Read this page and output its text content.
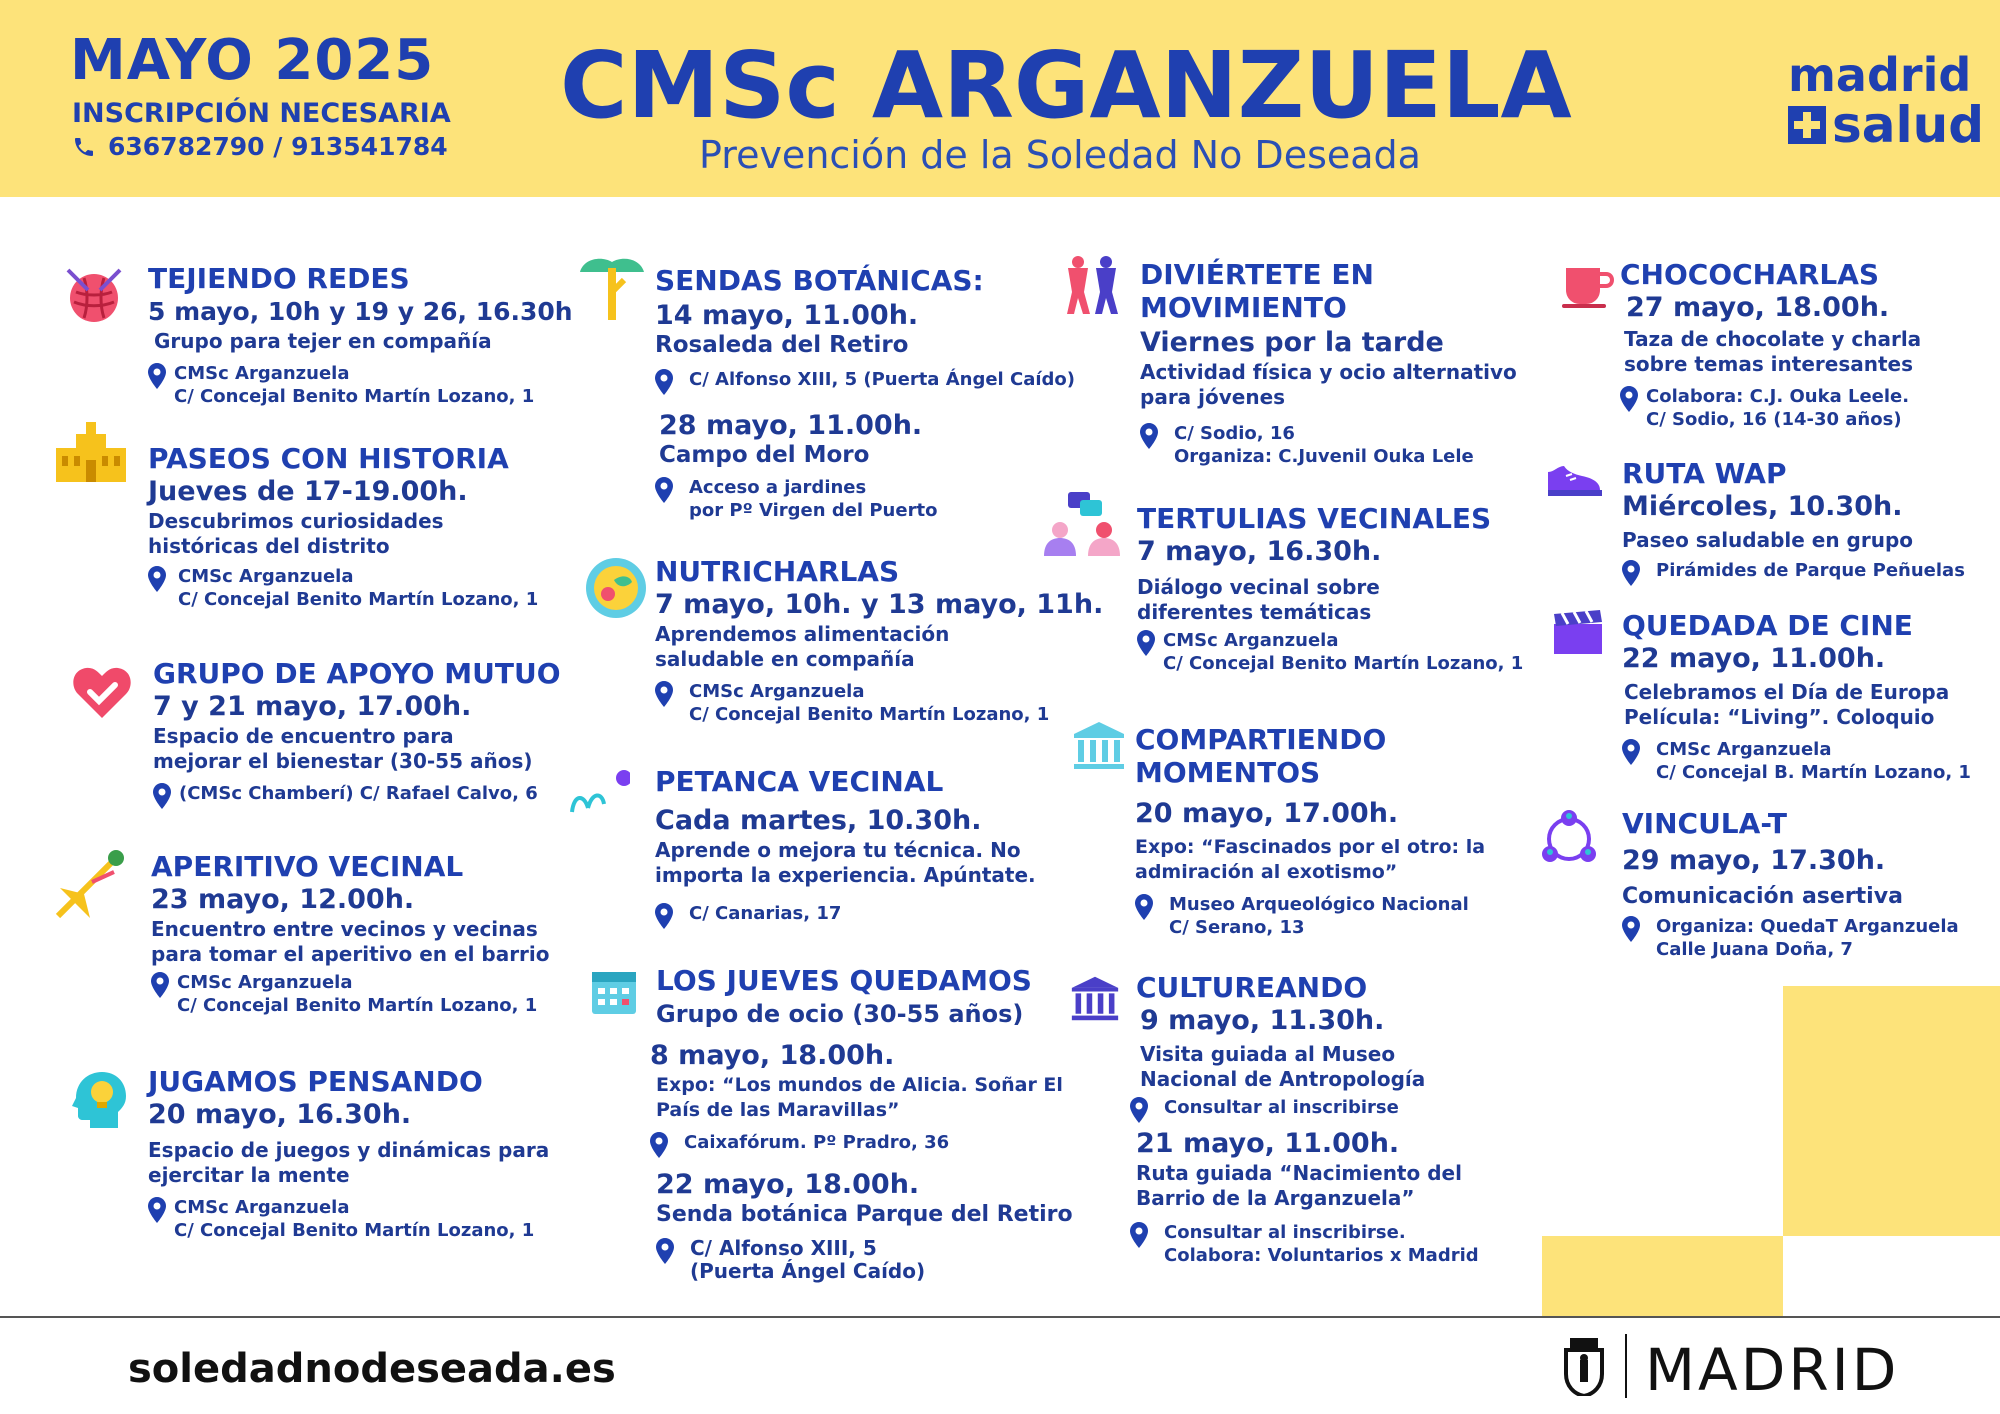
MAYO 2025
INSCRIPCIÓN NECESARIA
636782790 / 913541784
CMSc ARGANZUELA
Prevención de la Soledad No Deseada
madrid
salud
TEJIENDO REDES
5 mayo, 10h y 19 y 26, 16.30h
Grupo para tejer en compañía
CMSc Arganzuela
C/ Concejal Benito Martín Lozano, 1
PASEOS CON HISTORIA
Jueves de 17-19.00h.
Descubrimos curiosidades
históricas del distrito
CMSc Arganzuela
C/ Concejal Benito Martín Lozano, 1
GRUPO DE APOYO MUTUO
7 y 21 mayo, 17.00h.
Espacio de encuentro para
mejorar el bienestar (30-55 años)
(CMSc Chamberí) C/ Rafael Calvo, 6
APERITIVO VECINAL
23 mayo, 12.00h.
Encuentro entre vecinos y vecinas
para tomar el aperitivo en el barrio
CMSc Arganzuela
C/ Concejal Benito Martín Lozano, 1
JUGAMOS PENSANDO
20 mayo, 16.30h.
Espacio de juegos y dinámicas para
ejercitar la mente
CMSc Arganzuela
C/ Concejal Benito Martín Lozano, 1
SENDAS BOTÁNICAS:
14 mayo, 11.00h.
Rosaleda del Retiro
C/ Alfonso XIII, 5 (Puerta Ángel Caído)
28 mayo, 11.00h.
Campo del Moro
Acceso a jardines
por Pº Virgen del Puerto
NUTRICHARLAS
7 mayo, 10h. y 13 mayo, 11h.
Aprendemos alimentación
saludable en compañía
CMSc Arganzuela
C/ Concejal Benito Martín Lozano, 1
PETANCA VECINAL
Cada martes, 10.30h.
Aprende o mejora tu técnica. No
importa la experiencia. Apúntate.
C/ Canarias, 17
LOS JUEVES QUEDAMOS
Grupo de ocio (30-55 años)
8 mayo, 18.00h.
Expo: “Los mundos de Alicia. Soñar El
País de las Maravillas”
Caixafórum. Pº Pradro, 36
22 mayo, 18.00h.
Senda botánica Parque del Retiro
C/ Alfonso XIII, 5
(Puerta Ángel Caído)
DIVIÉRTETE EN
MOVIMIENTO
Viernes por la tarde
Actividad física y ocio alternativo
para jóvenes
C/ Sodio, 16
Organiza: C.Juvenil Ouka Lele
TERTULIAS VECINALES
7 mayo, 16.30h.
Diálogo vecinal sobre
diferentes temáticas
CMSc Arganzuela
C/ Concejal Benito Martín Lozano, 1
COMPARTIENDO
MOMENTOS
20 mayo, 17.00h.
Expo: “Fascinados por el otro: la
admiración al exotismo”
Museo Arqueológico Nacional
C/ Serano, 13
CULTUREANDO
9 mayo, 11.30h.
Visita guiada al Museo
Nacional de Antropología
Consultar al inscribirse
21 mayo, 11.00h.
Ruta guiada “Nacimiento del
Barrio de la Arganzuela”
Consultar al inscribirse.
Colabora: Voluntarios x Madrid
CHOCOCHARLAS
27 mayo, 18.00h.
Taza de chocolate y charla
sobre temas interesantes
Colabora: C.J. Ouka Leele.
C/ Sodio, 16 (14-30 años)
RUTA WAP
Miércoles, 10.30h.
Paseo saludable en grupo
Pirámides de Parque Peñuelas
QUEDADA DE CINE
22 mayo, 11.00h.
Celebramos el Día de Europa
Película: “Living”. Coloquio
CMSc Arganzuela
C/ Concejal B. Martín Lozano, 1
VINCULA-T
29 mayo, 17.30h.
Comunicación asertiva
Organiza: QuedaT Arganzuela
Calle Juana Doña, 7
soledadnodeseada.es	MADRID
